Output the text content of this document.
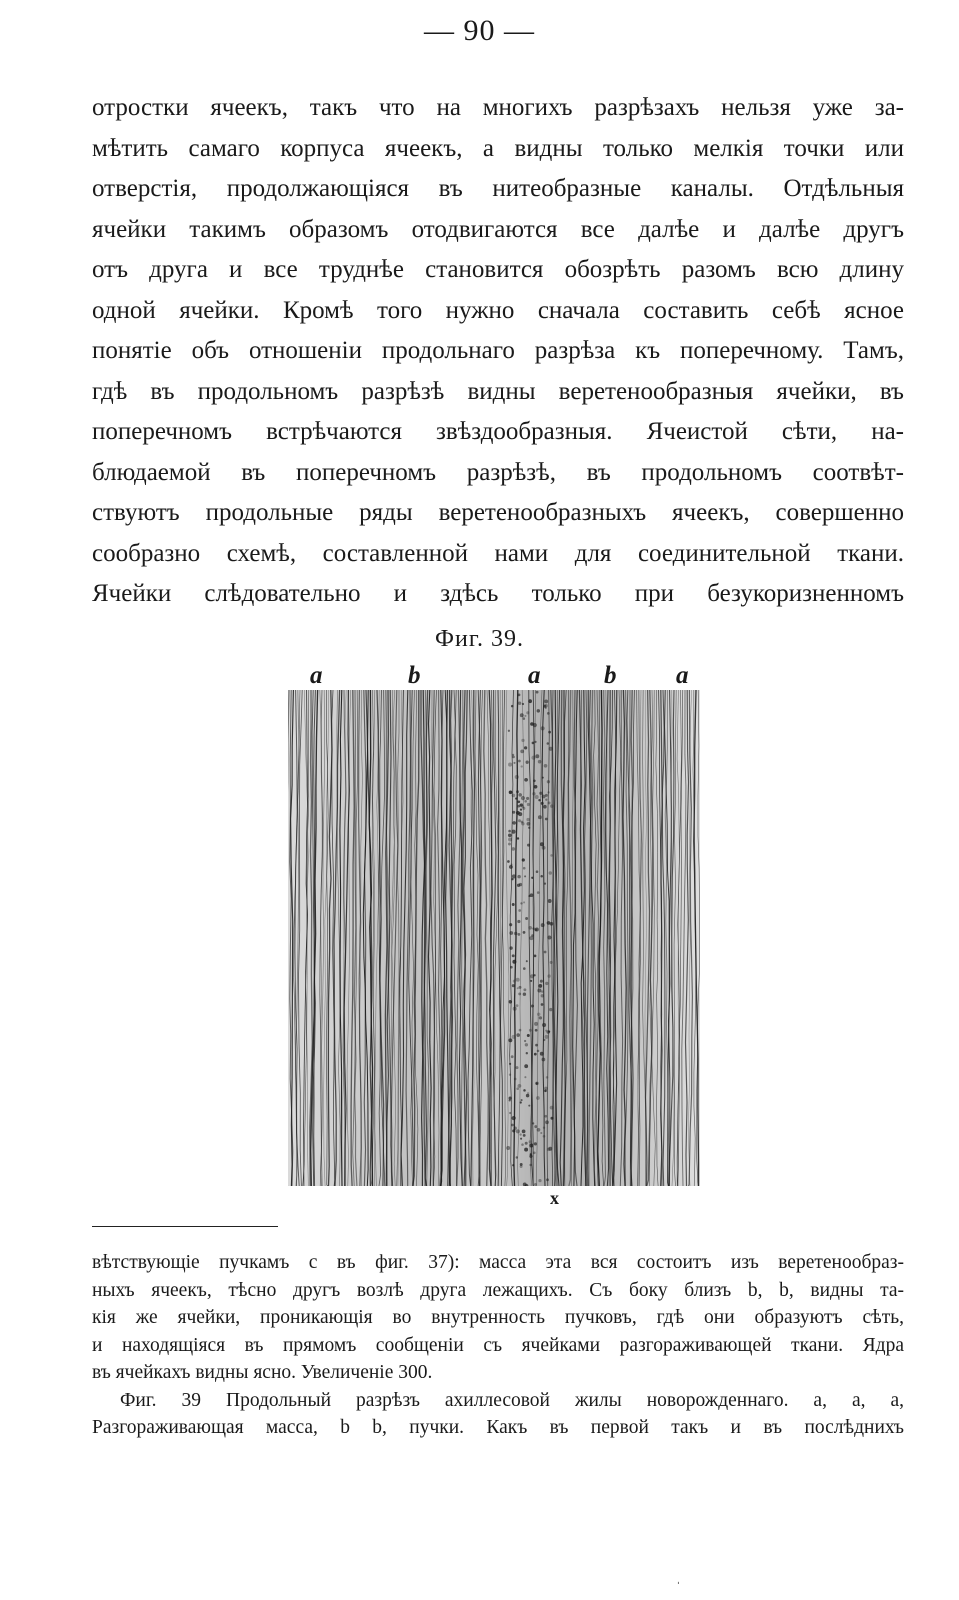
— 90 —
отростки ячеекъ, такъ что на многихъ разрѣзахъ нельзя уже за-
мѣтить самаго корпуса ячеекъ, а видны только мелкія точки или
отверстія, продолжающіяся въ нитеобразные каналы. Отдѣльныя
ячейки такимъ образомъ отодвигаются все далѣе и далѣе другъ
отъ друга и все труднѣе становится обозрѣть разомъ всю длину
одной ячейки. Кромѣ того нужно сначала составить себѣ ясное
понятіе объ отношеніи продольнаго разрѣза къ поперечному. Тамъ,
гдѣ въ продольномъ разрѣзѣ видны веретенообразныя ячейки, въ
поперечномъ встрѣчаются звѣздообразныя. Ячеистой сѣти, на-
блюдаемой въ поперечномъ разрѣзѣ, въ продольномъ соотвѣт-
ствуютъ продольные ряды веретенообразныхъ ячеекъ, совершенно
сообразно схемѣ, составленной нами для соединительной ткани.
Ячейки слѣдовательно и здѣсь только при безукоризненномъ
Фиг. 39.
a	b	a	b a
x
вѣтствующіе пучкамъ с въ фиг. 37): масса эта вся состоитъ изъ веретенообраз-
ныхъ ячеекъ, тѣсно другъ возлѣ друга лежащихъ. Съ боку близъ b, b, видны та-
кія же ячейки, проникающія во внутренность пучковъ, гдѣ они образуютъ сѣть,
и находящіяся въ прямомъ сообщеніи съ ячейками разгораживающей ткани. Ядра
въ ячейкахъ видны ясно. Увеличеніе 300.
Фиг. 39 Продольный разрѣзъ ахиллесовой жилы новорожденнаго. a, a, a,
Разгораживающая масса, b b, пучки. Какъ въ первой такъ и въ послѣднихъ
ˌ
